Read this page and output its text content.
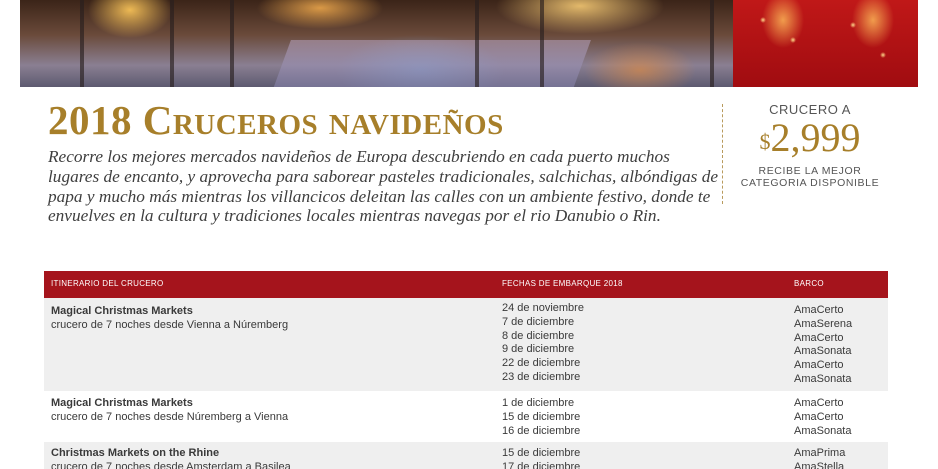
2018 Cruceros navideños

Recorre los mejores mercados navideños de Europa descubriendo en cada puerto muchos lugares de encanto, y aprovecha para saborear pasteles tradicionales, salchichas, albóndigas de papa y mucho más mientras los villancicos deleitan las calles con un ambiente festivo, donde te envuelves en la cultura y tradiciones locales mientras navegas por el rio Danubio o Rin.

CRUCERO A
$2,999
RECIBE LA MEJOR
CATEGORIA DISPONIBLE
ITINERARIO DEL CRUCERO	FECHAS DE EMBARQUE 2018	BARCO
Magical Christmas Markets
crucero de 7 noches desde Vienna a Núremberg
24 de noviembre
7 de diciembre
8 de diciembre
9 de diciembre
22 de diciembre
23 de diciembre
AmaCerto
AmaSerena
AmaCerto
AmaSonata
AmaCerto
AmaSonata
Magical Christmas Markets
crucero de 7 noches desde Núremberg a Vienna
1 de diciembre
15 de diciembre
16 de diciembre
AmaCerto
AmaCerto
AmaSonata
Christmas Markets on the Rhine
crucero de 7 noches desde Amsterdam a Basilea
15 de diciembre
17 de diciembre
AmaPrima
AmaStella
